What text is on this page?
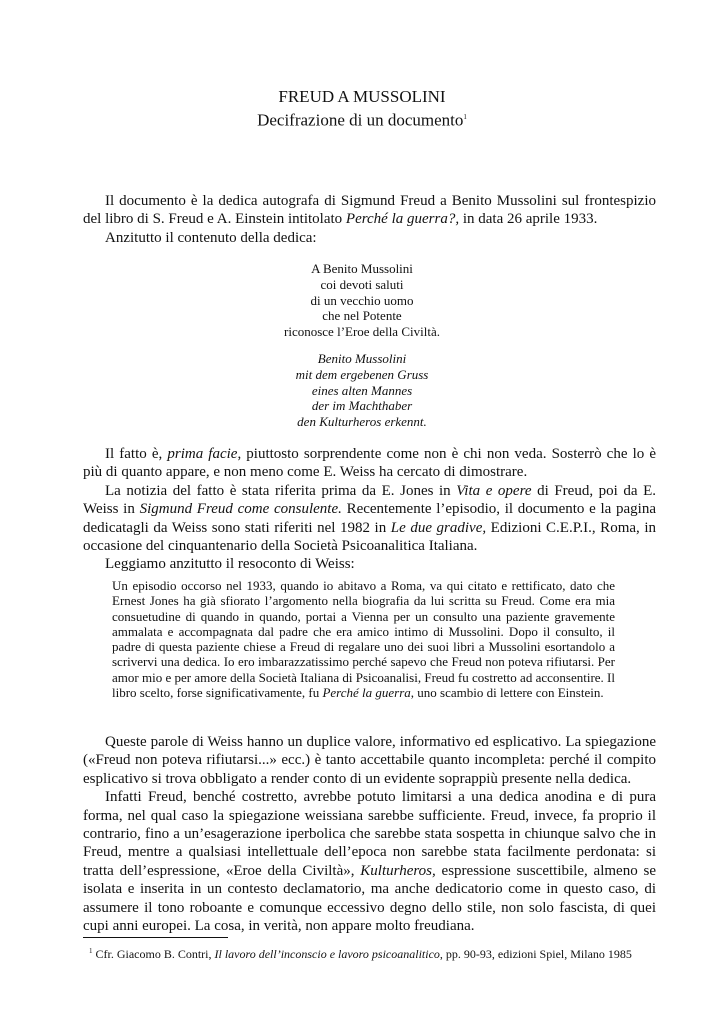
FREUD A MUSSOLINI
Decifrazione di un documento$^1$

Il documento è la dedica autografa di Sigmund Freud a Benito Mussolini sul frontespizio del libro di S. Freud e A. Einstein intitolato Perché la guerra?, in data 26 aprile 1933.

Anzitutto il contenuto della dedica:

A Benito Mussolini
coi devoti saluti
di un vecchio uomo
che nel Potente
riconosce l’Eroe della Civiltà.
Benito Mussolini
mit dem ergebenen Gruss
eines alten Mannes
der im Machthaber
den Kulturheros erkennt.

Il fatto è, prima facie, piuttosto sorprendente come non è chi non veda. Sosterrò che lo è più di quanto appare, e non meno come E. Weiss ha cercato di dimostrare.

La notizia del fatto è stata riferita prima da E. Jones in Vita e opere di Freud, poi da E. Weiss in Sigmund Freud come consulente. Recentemente l’episodio, il documento e la pagina dedicatagli da Weiss sono stati riferiti nel 1982 in Le due gradive, Edizioni C.E.P.I., Roma, in occasione del cinquantenario della Società Psicoanalitica Italiana.

Leggiamo anzitutto il resoconto di Weiss:

Un episodio occorso nel 1933, quando io abitavo a Roma, va qui citato e rettificato, dato che Ernest Jones ha già sfiorato l’argomento nella biografia da lui scritta su Freud. Come era mia consuetudine di quando in quando, portai a Vienna per un consulto una paziente gravemente ammalata e accompagnata dal padre che era amico intimo di Mussolini. Dopo il consulto, il padre di questa paziente chiese a Freud di regalare uno dei suoi libri a Mussolini esortandolo a scrivervi una dedica. Io ero imbarazzatissimo perché sapevo che Freud non poteva rifiutarsi. Per amor mio e per amore della Società Italiana di Psicoanalisi, Freud fu costretto ad acconsentire. Il libro scelto, forse significativamente, fu Perché la guerra, uno scambio di lettere con Einstein.

Queste parole di Weiss hanno un duplice valore, informativo ed esplicativo. La spiegazione («Freud non poteva rifiutarsi...» ecc.) è tanto accettabile quanto incompleta: perché il compito esplicativo si trova obbligato a render conto di un evidente soprappiù presente nella dedica.

Infatti Freud, benché costretto, avrebbe potuto limitarsi a una dedica anodina e di pura forma, nel qual caso la spiegazione weissiana sarebbe sufficiente. Freud, invece, fa proprio il contrario, fino a un’esagerazione iperbolica che sarebbe stata sospetta in chiunque salvo che in Freud, mentre a qualsiasi intellettuale dell’epoca non sarebbe stata facilmente perdonata: si tratta dell’espressione, «Eroe della Civiltà», Kulturheros, espressione suscettibile, almeno se isolata e inserita in un contesto declamatorio, ma anche dedicatorio come in questo caso, di assumere il tono roboante e comunque eccessivo degno dello stile, non solo fascista, di quei cupi anni europei. La cosa, in verità, non appare molto freudiana.

$^1$ Cfr. Giacomo B. Contri, Il lavoro dell’inconscio e lavoro psicoanalitico, pp. 90-93, edizioni Spiel, Milano 1985
